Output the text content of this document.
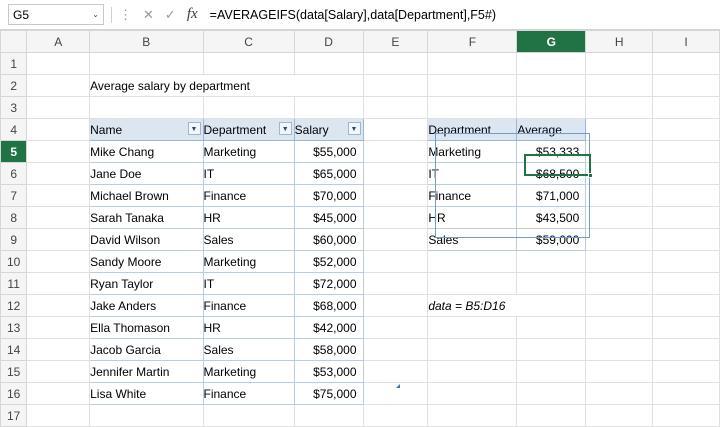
G5	⌄ ⋮ ✕ ✓ fx =AVERAGEIFS(data[Salary],data[Department],F5#)
	A	B	C	D	E	F	G	H	I
1									
2		Average salary by department							
3									
4		Name ▼	Department ▼	Salary ▼		Department	Average		
5		Mike Chang	Marketing	$55,000		Marketing	$53,333		
6		Jane Doe	IT	$65,000		IT	$68,500		
7		Michael Brown	Finance	$70,000		Finance	$71,000		
8		Sarah Tanaka	HR	$45,000		HR	$43,500		
9		David Wilson	Sales	$60,000		Sales	$59,000		
10		Sandy Moore	Marketing	$52,000					
11		Ryan Taylor	IT	$72,000					
12		Jake Anders	Finance	$68,000		data = B5:D16			
13		Ella Thomason	HR	$42,000					
14		Jacob Garcia	Sales	$58,000					
15		Jennifer Martin	Marketing	$53,000					
16		Lisa White	Finance	$75,000					
17									
